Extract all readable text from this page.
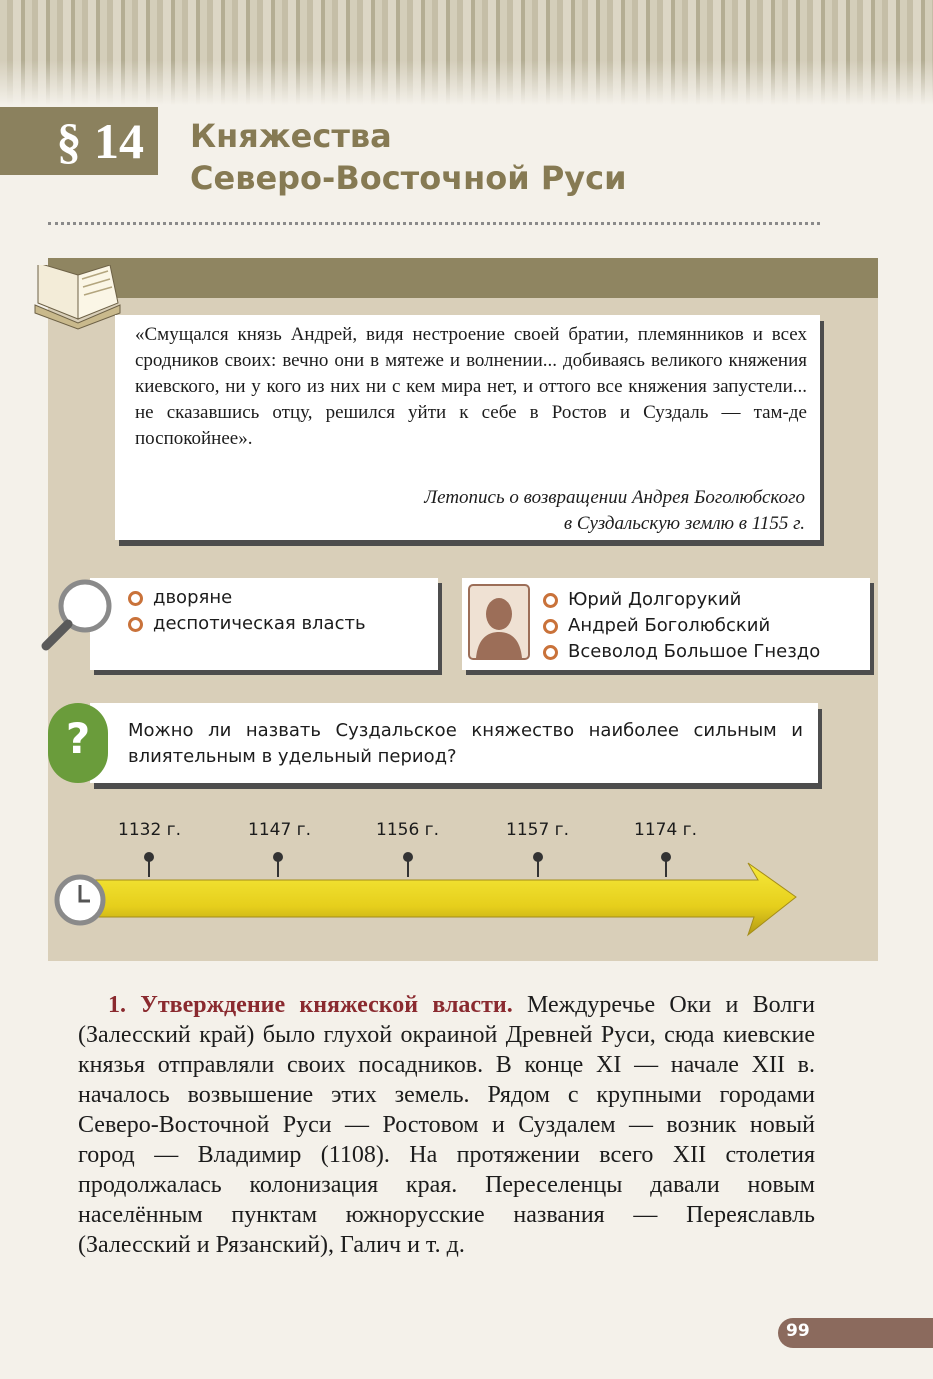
§ 14	Княжества
Северо-Восточной Руси
«Смущался князь Андрей, видя нестроение своей братии, племянников и всех сродников своих: вечно они в мятеже и волнении... добиваясь великого княжения киевского, ни у кого из них ни с кем мира нет, и оттого все княжения запустели... не сказавшись отцу, решился уйти к себе в Ростов и Суздаль — там-де поспокойнее».
Летопись о возвращении Андрея Боголюбского
в Суздальскую землю в 1155 г.
дворяне
деспотическая власть
Юрий Долгорукий
Андрей Боголюбский
Всеволод Большое Гнездо
?	Можно ли назвать Суздальское княжество наиболее сильным и влиятельным в удельный период?
1132 г.	1147 г.	1156 г.	1157 г.	1174 г.
1. Утверждение княжеской власти. Междуречье Оки и Волги (Залесский край) было глухой окраиной Древней Руси, сюда киевские князья отправляли своих посадников. В конце XI — начале XII в. началось возвышение этих земель. Рядом с крупными городами Северо-Восточной Руси — Ростовом и Суздалем — возник новый город — Владимир (1108). На протяжении всего XII столетия продолжалась колонизация края. Переселенцы давали новым населённым пунктам южнорусские названия — Переяславль (Залесский и Рязанский), Галич и т. д.
99
